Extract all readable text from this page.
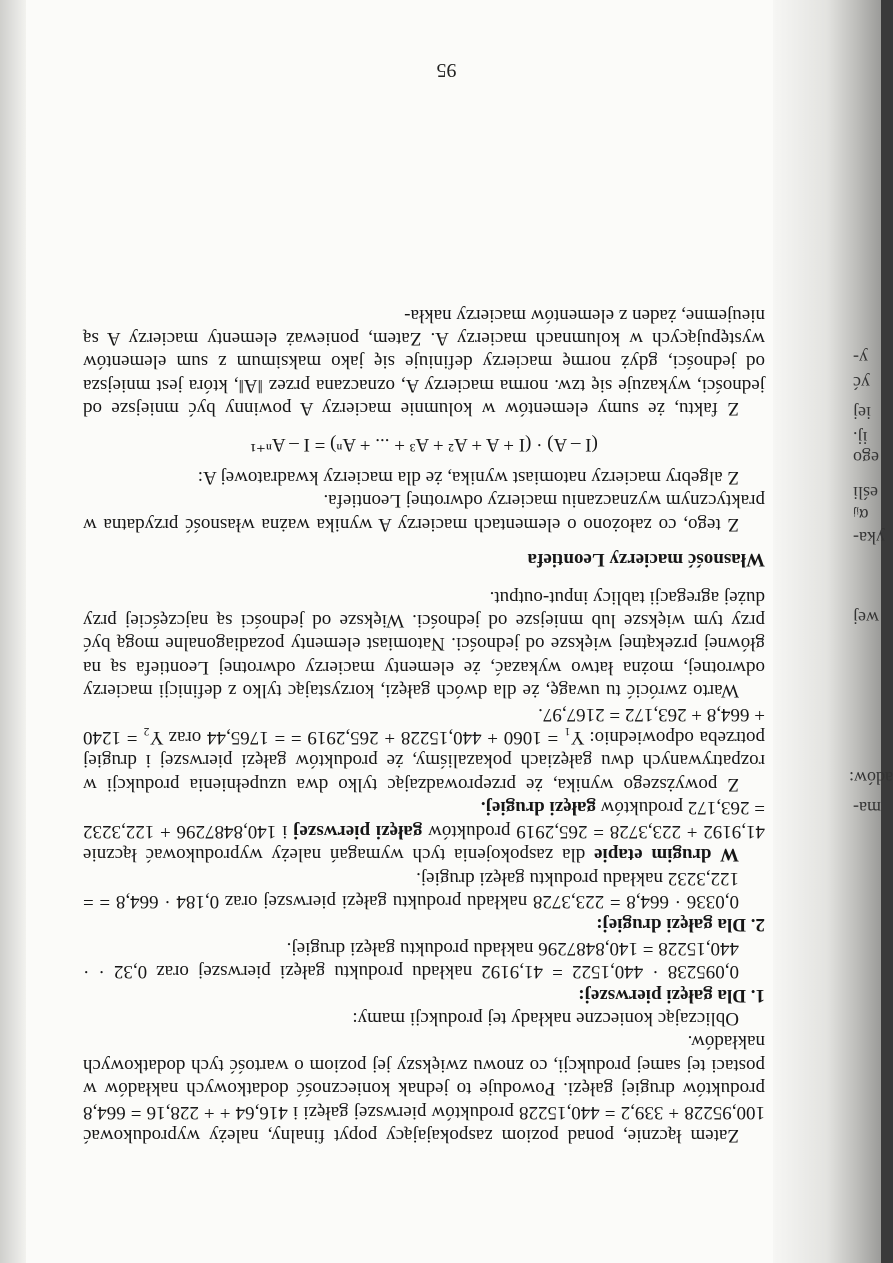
Zatem łącznie, ponad poziom zaspokajający popyt finalny, należy wyprodukować 100,95228 + 339,2 = 440,15228 produktów pierwszej gałęzi i 416,64 + + 228,16 = 664,8 produktów drugiej gałęzi. Powoduje to jednak konieczność dodatkowych nakładów w postaci tej samej produkcji, co znowu zwiększy jej poziom o wartość tych dodatkowych nakładów.

Obliczając konieczne nakłady tej produkcji mamy:

1. Dla gałęzi pierwszej:

0,095238 · 440,1522 = 41,9192 nakładu produktu gałęzi pierwszej oraz 0,32 · · 440,15228 = 140,8487296 nakładu produktu gałęzi drugiej.

2. Dla gałęzi drugiej:

0,0336 · 664,8 = 223,3728 nakładu produktu gałęzi pierwszej oraz 0,184 · 664,8 = = 122,3232 nakładu produktu gałęzi drugiej.

W drugim etapie dla zaspokojenia tych wymagań należy wyprodukować łącznie 41,9192 + 223,3728 = 265,2919 produktów gałęzi pierwszej i 140,8487296 + 122,3232 = 263,172 produktów gałęzi drugiej.

Z powyższego wynika, że przeprowadzając tylko dwa uzupełnienia produkcji w rozpatrywanych dwu gałęziach pokazaliśmy, że produktów gałęzi pierwszej i drugiej potrzeba odpowiednio: Y₁ = 1060 + 440,15228 + 265,2919 = = 1765,44 oraz Y₂ = 1240 + 664,8 + 263,172 = 2167,97.

Warto zwrócić tu uwagę, że dla dwóch gałęzi, korzystając tylko z definicji macierzy odwrotnej, można łatwo wykazać, że elementy macierzy odwrotnej Leontiefa są na głównej przekątnej większe od jedności. Natomiast elementy pozadiagonalne mogą być przy tym większe lub mniejsze od jedności. Większe od jedności są najczęściej przy dużej agregacji tablicy input-output.

Własność macierzy Leontiefa

Z tego, co założono o elementach macierzy A wynika ważna własność przydatna w praktycznym wyznaczaniu macierzy odwrotnej Leontiefa.

Z algebry macierzy natomiast wynika, że dla macierzy kwadratowej A:

(I – A) · (I + A + A² + A³ + ... + Aⁿ) = I – Aⁿ⁺¹

Z faktu, że sumy elementów w kolumnie macierzy A powinny być mniejsze od jedności, wykazuje się tzw. norma macierzy A, oznaczana przez ‖A‖, która jest mniejsza od jedności, gdyż normę macierzy definiuje się jako maksimum z sum elementów występujących w kolumnach macierzy A. Zatem, ponieważ elementy macierzy A są nieujemne, żaden z elementów macierzy nakła-

95
ma-
adów:
wej
yka-
αᵢⱼ
eśli
ego
ij.
iej
yć
y-
